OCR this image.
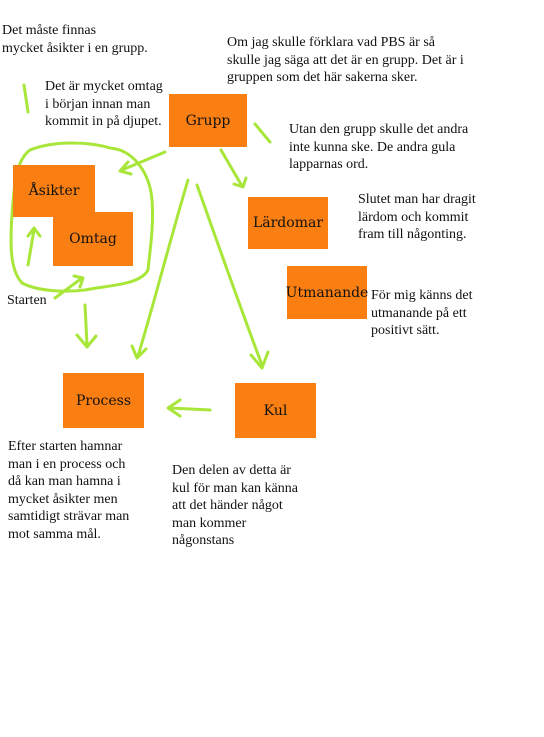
Grupp
Åsikter
Omtag
Lärdomar
Utmanande
Process
Kul
Det måste finnas
mycket åsikter i en grupp.
Det är mycket omtag
i början innan man
kommit in på djupet.
Om jag skulle förklara vad PBS är så
skulle jag säga att det är en grupp. Det är i
gruppen som det här sakerna sker.
Utan den grupp skulle det andra
inte kunna ske. De andra gula
lapparnas ord.
Slutet man har dragit
lärdom och kommit
fram till någonting.
För mig känns det
utmanande på ett
positivt sätt.
Starten
Efter starten hamnar
man i en process och
då kan man hamna i
mycket åsikter men
samtidigt strävar man
mot samma mål.
Den delen av detta är
kul för man kan känna
att det händer något
man kommer
någonstans
